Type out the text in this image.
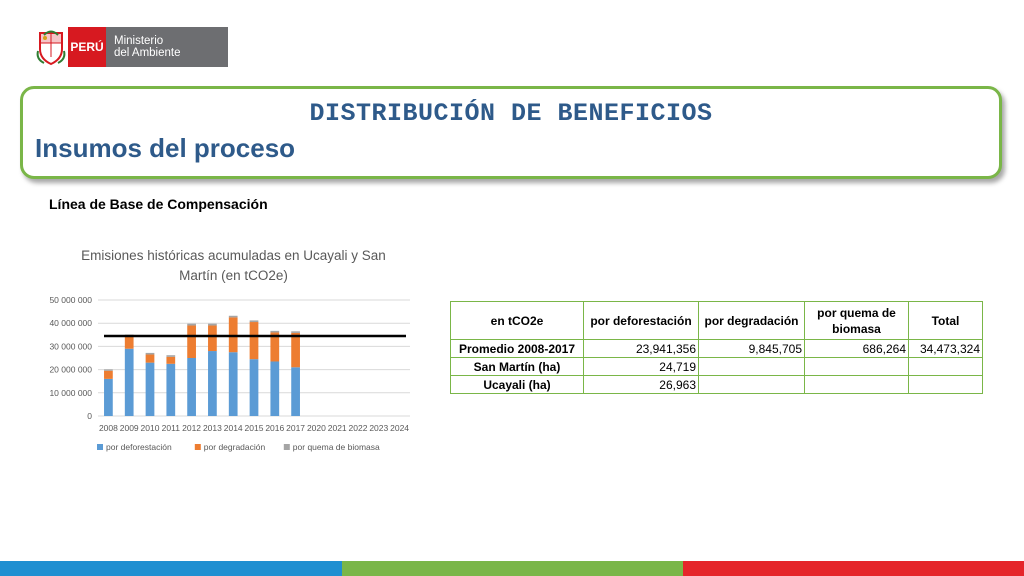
PERÚ Ministerio
del Ambiente
DISTRIBUCIÓN DE BENEFICIOS
Insumos del proceso
Línea de Base de Compensación
Emisiones históricas acumuladas en Ucayali y San Martín (en tCO2e)
0
10 000 000
20 000 000
30 000 000
40 000 000
50 000 000
2008 2009 2010 2011 2012 2013 2014 2015 2016 2017 2020 2021 2022 2023 2024
por deforestación	por degradación	por quema de biomasa
en tCO2e	por deforestación	por degradación	por quema de biomasa	Total
Promedio 2008-2017	23,941,356	9,845,705	686,264	34,473,324
San Martín (ha)	24,719			
Ucayali (ha)	26,963			
